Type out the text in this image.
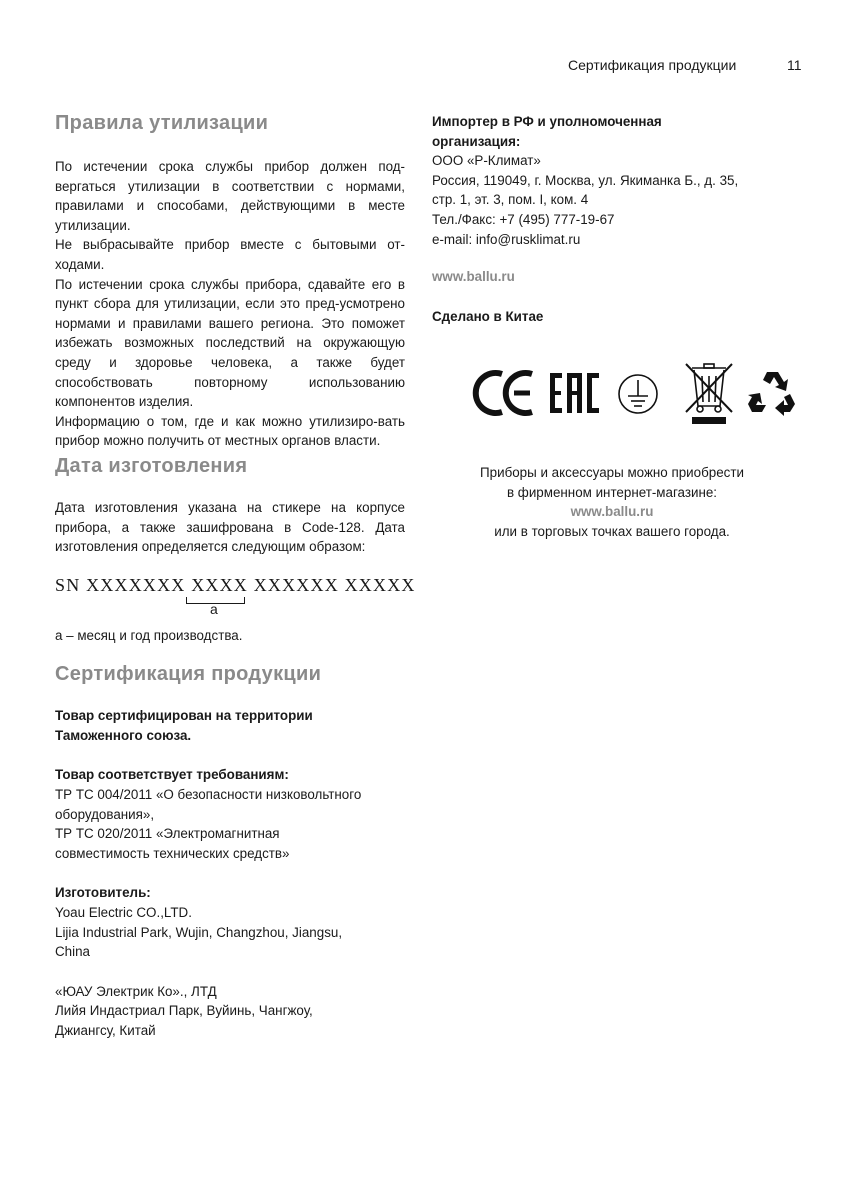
Сертификация продукции	11
Правила утилизации

По истечении срока службы прибор должен под-вергаться утилизации в соответствии с нормами, правилами и способами, действующими в месте утилизации.

Не выбрасывайте прибор вместе с бытовыми от-ходами.

По истечении срока службы прибора, сдавайте его в пункт сбора для утилизации, если это пред-усмотрено нормами и правилами вашего региона. Это поможет избежать возможных последствий на окружающую среду и здоровье человека, а также будет способствовать повторному использованию компонентов изделия.

Информацию о том, где и как можно утилизиро-вать прибор можно получить от местных органов власти.

Дата изготовления

Дата изготовления указана на стикере на корпусе прибора, а также зашифрована в Code-128. Дата изготовления определяется следующим образом:

SN XXXXXXX XXXX XXXXXX XXXXX
a

a – месяц и год производства.

Сертификация продукции

Товар сертифицирован на территории

Таможенного союза.

Товар соответствует требованиям:

ТР ТС 004/2011 «О безопасности низковольтного

оборудования»,

ТР ТС 020/2011 «Электромагнитная

совместимость технических средств»

Изготовитель:

Yoau Electric CO.,LTD.

Lijia Industrial Park, Wujin, Changzhou, Jiangsu,

China

«ЮАУ Электрик Ко»., ЛТД

Лийя Индастриал Парк, Вуйинь, Чангжоу,

Джиангсу, Китай

Импортер в РФ и уполномоченная

организация:

ООО «Р-Климат»

Россия, 119049, г. Москва, ул. Якиманка Б., д. 35,

стр. 1, эт. 3, пом. I, ком. 4

Тел./Факс: +7 (495) 777-19-67

e-mail: info@rusklimat.ru

www.ballu.ru

Сделано в Китае

Приборы и аксессуары можно приобрести
в фирменном интернет-магазине:
www.ballu.ru
или в торговых точках вашего города.
